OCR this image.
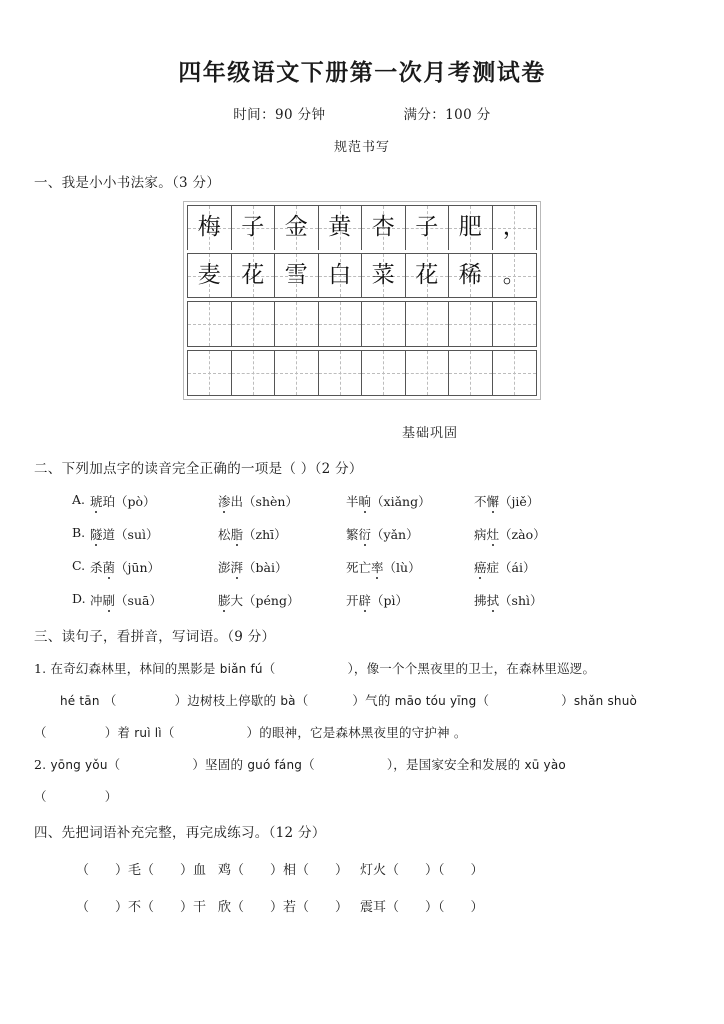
四年级语文下册第一次月考测试卷
时间：90 分钟	满分：100 分
规范书写
一、我是小小书法家。（3 分）
梅 子 金 黄 杏 子 肥 ，
麦 花 雪 白 菜 花 稀 。
基础巩固
二、下列加点字的读音完全正确的一项是（ ）（2 分）
A. 琥珀（pò）	渗出（shèn）	半晌（xiǎng）	不懈（jiě）
B. 隧道（suì）	松脂（zhī）	繁衍（yǎn）	病灶（zào）
C. 杀菌（jūn）	澎湃（bài）	死亡率（lù）	癌症（ái）
D. 冲刷（suā）	膨大（péng）	开辟（pì）	拂拭（shì）
三、读句子，看拼音，写词语。（9 分）
1. 在奇幻森林里，林间的黑影是 biǎn fú（	），像一个个黑夜里的卫士，在森林里巡逻。
hé tān （	）边树枝上停歇的 bà（	）气的 māo tóu yīng（	）shǎn shuò
（	）着 ruì lì（	）的眼神，它是森林黑夜里的守护神 。
2. yōng yǒu（	）坚固的 guó fáng（	），是国家安全和发展的 xū yào
（	）
四、先把词语补充完整，再完成练习。（12 分）
（ ）毛（ ）血 鸡（ ）相（ ） 灯火（ ）（ ）
（ ）不（ ）干 欣（ ）若（ ） 震耳（ ）（ ）
